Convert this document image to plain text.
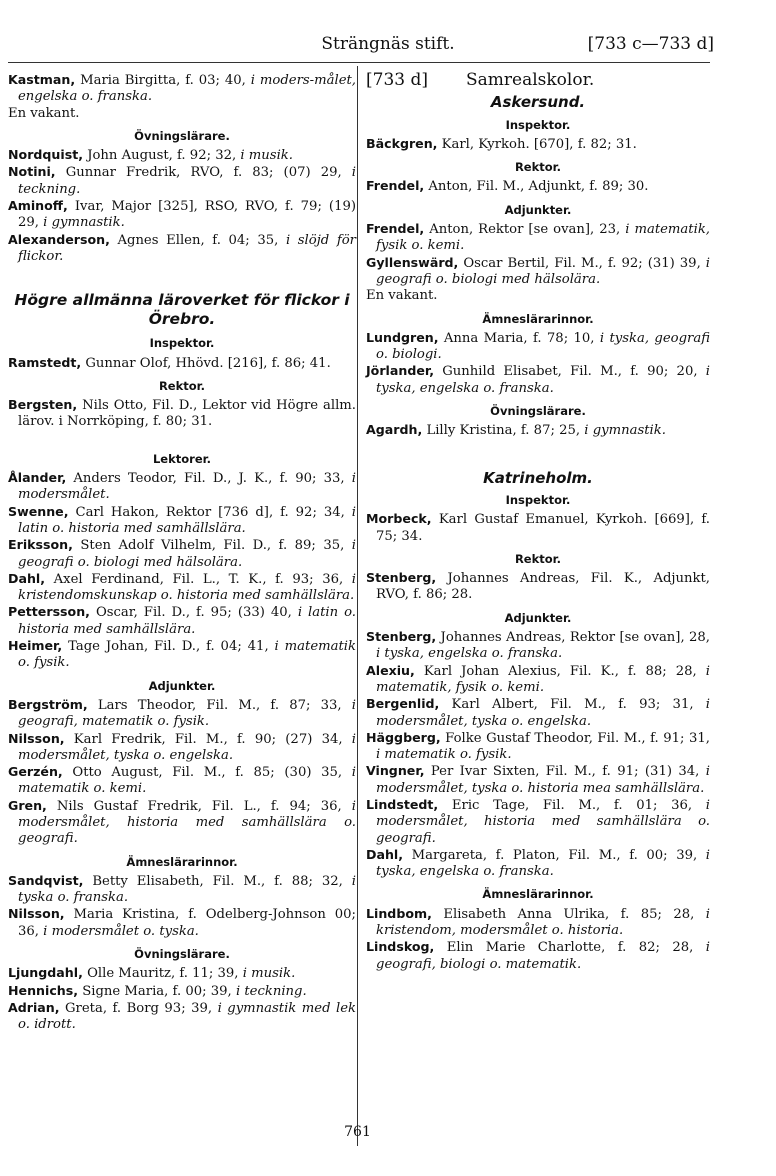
Strängnäs stift.	[733 c—733 d]

Kastman, Maria Birgitta, f. 03; 40, i moders-målet, engelska o. franska.

En vakant.

Övningslärare.

Nordquist, John August, f. 92; 32, i musik.

Notini, Gunnar Fredrik, RVO, f. 83; (07) 29, i teckning.

Aminoff, Ivar, Major [325], RSO, RVO, f. 79; (19) 29, i gymnastik.

Alexanderson, Agnes Ellen, f. 04; 35, i slöjd för flickor.

Högre allmänna läroverket för flickor i Örebro.
Inspektor.

Ramstedt, Gunnar Olof, Hhövd. [216], f. 86; 41.

Rektor.

Bergsten, Nils Otto, Fil. D., Lektor vid Högre allm. lärov. i Norrköping, f. 80; 31.

Lektorer.

Ålander, Anders Teodor, Fil. D., J. K., f. 90; 33, i modersmålet.

Swenne, Carl Hakon, Rektor [736 d], f. 92; 34, i latin o. historia med samhällslära.

Eriksson, Sten Adolf Vilhelm, Fil. D., f. 89; 35, i geografi o. biologi med hälsolära.

Dahl, Axel Ferdinand, Fil. L., T. K., f. 93; 36, i kristendomskunskap o. historia med samhällslära.

Pettersson, Oscar, Fil. D., f. 95; (33) 40, i latin o. historia med samhällslära.

Heimer, Tage Johan, Fil. D., f. 04; 41, i matematik o. fysik.

Adjunkter.

Bergström, Lars Theodor, Fil. M., f. 87; 33, i geografi, matematik o. fysik.

Nilsson, Karl Fredrik, Fil. M., f. 90; (27) 34, i modersmålet, tyska o. engelska.

Gerzén, Otto August, Fil. M., f. 85; (30) 35, i matematik o. kemi.

Gren, Nils Gustaf Fredrik, Fil. L., f. 94; 36, i modersmålet, historia med samhällslära o. geografi.

Ämneslärarinnor.

Sandqvist, Betty Elisabeth, Fil. M., f. 88; 32, i tyska o. franska.

Nilsson, Maria Kristina, f. Odelberg-Johnson 00; 36, i modersmålet o. tyska.

Övningslärare.

Ljungdahl, Olle Mauritz, f. 11; 39, i musik.

Hennichs, Signe Maria, f. 00; 39, i teckning.

Adrian, Greta, f. Borg 93; 39, i gymnastik med lek o. idrott.

[733 d] Samrealskolor.
Askersund.
Inspektor.

Bäckgren, Karl, Kyrkoh. [670], f. 82; 31.

Rektor.

Frendel, Anton, Fil. M., Adjunkt, f. 89; 30.

Adjunkter.

Frendel, Anton, Rektor [se ovan], 23, i matematik, fysik o. kemi.

Gyllenswärd, Oscar Bertil, Fil. M., f. 92; (31) 39, i geografi o. biologi med hälsolära.

En vakant.

Ämneslärarinnor.

Lundgren, Anna Maria, f. 78; 10, i tyska, geografi o. biologi.

Jörlander, Gunhild Elisabet, Fil. M., f. 90; 20, i tyska, engelska o. franska.

Övningslärare.

Agardh, Lilly Kristina, f. 87; 25, i gymnastik.

Katrineholm.
Inspektor.

Morbeck, Karl Gustaf Emanuel, Kyrkoh. [669], f. 75; 34.

Rektor.

Stenberg, Johannes Andreas, Fil. K., Adjunkt, RVO, f. 86; 28.

Adjunkter.

Stenberg, Johannes Andreas, Rektor [se ovan], 28, i tyska, engelska o. franska.

Alexiu, Karl Johan Alexius, Fil. K., f. 88; 28, i matematik, fysik o. kemi.

Bergenlid, Karl Albert, Fil. M., f. 93; 31, i modersmålet, tyska o. engelska.

Häggberg, Folke Gustaf Theodor, Fil. M., f. 91; 31, i matematik o. fysik.

Vingner, Per Ivar Sixten, Fil. M., f. 91; (31) 34, i modersmålet, tyska o. historia mea samhällslära.

Lindstedt, Eric Tage, Fil. M., f. 01; 36, i modersmålet, historia med samhällslära o. geografi.

Dahl, Margareta, f. Platon, Fil. M., f. 00; 39, i tyska, engelska o. franska.

Ämneslärarinnor.

Lindbom, Elisabeth Anna Ulrika, f. 85; 28, i kristendom, modersmålet o. historia.

Lindskog, Elin Marie Charlotte, f. 82; 28, i geografi, biologi o. matematik.

761
